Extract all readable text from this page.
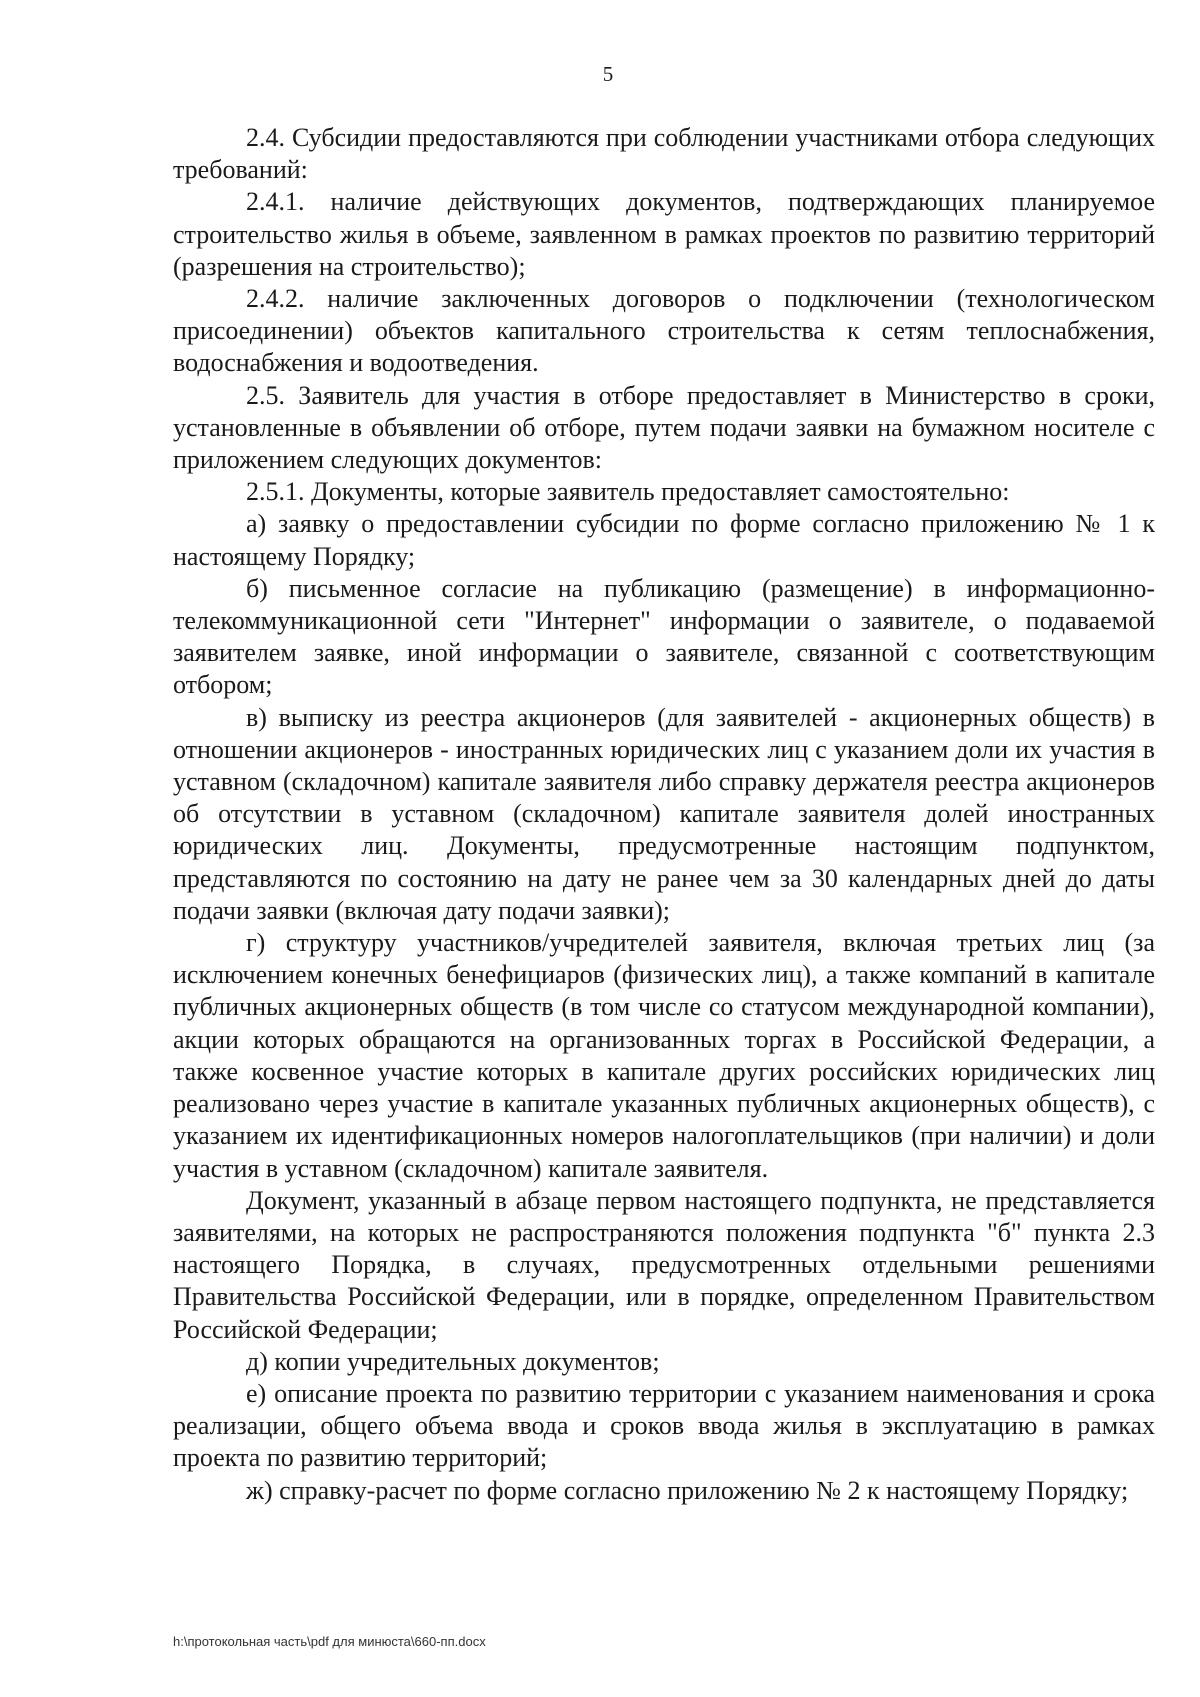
5

2.4. Субсидии предоставляются при соблюдении участниками отбора следующих требований:

2.4.1. наличие действующих документов, подтверждающих планируемое строительство жилья в объеме, заявленном в рамках проектов по развитию территорий (разрешения на строительство);

2.4.2. наличие заключенных договоров о подключении (технологическом присоединении) объектов капитального строительства к сетям теплоснабжения, водоснабжения и водоотведения.

2.5. Заявитель для участия в отборе предоставляет в Министерство в сроки, установленные в объявлении об отборе, путем подачи заявки на бумажном носителе с приложением следующих документов:

2.5.1. Документы, которые заявитель предоставляет самостоятельно:

а) заявку о предоставлении субсидии по форме согласно приложению № 1 к настоящему Порядку;

б) письменное согласие на публикацию (размещение) в информационно-телекоммуникационной сети "Интернет" информации о заявителе, о подаваемой заявителем заявке, иной информации о заявителе, связанной с соответствующим отбором;

в) выписку из реестра акционеров (для заявителей - акционерных обществ) в отношении акционеров - иностранных юридических лиц с указанием доли их участия в уставном (складочном) капитале заявителя либо справку держателя реестра акционеров об отсутствии в уставном (складочном) капитале заявителя долей иностранных юридических лиц. Документы, предусмотренные настоящим подпунктом, представляются по состоянию на дату не ранее чем за 30 календарных дней до даты подачи заявки (включая дату подачи заявки);

г) структуру участников/учредителей заявителя, включая третьих лиц (за исключением конечных бенефициаров (физических лиц), а также компаний в капитале публичных акционерных обществ (в том числе со статусом международной компании), акции которых обращаются на организованных торгах в Российской Федерации, а также косвенное участие которых в капитале других российских юридических лиц реализовано через участие в капитале указанных публичных акционерных обществ), с указанием их идентификационных номеров налогоплательщиков (при наличии) и доли участия в уставном (складочном) капитале заявителя.

Документ, указанный в абзаце первом настоящего подпункта, не представляется заявителями, на которых не распространяются положения подпункта "б" пункта 2.3 настоящего Порядка, в случаях, предусмотренных отдельными решениями Правительства Российской Федерации, или в порядке, определенном Правительством Российской Федерации;

д) копии учредительных документов;

е) описание проекта по развитию территории с указанием наименования и срока реализации, общего объема ввода и сроков ввода жилья в эксплуатацию в рамках проекта по развитию территорий;

ж) справку-расчет по форме согласно приложению № 2 к настоящему Порядку;

h:\протокольная часть\pdf для минюста\660-пп.docx
